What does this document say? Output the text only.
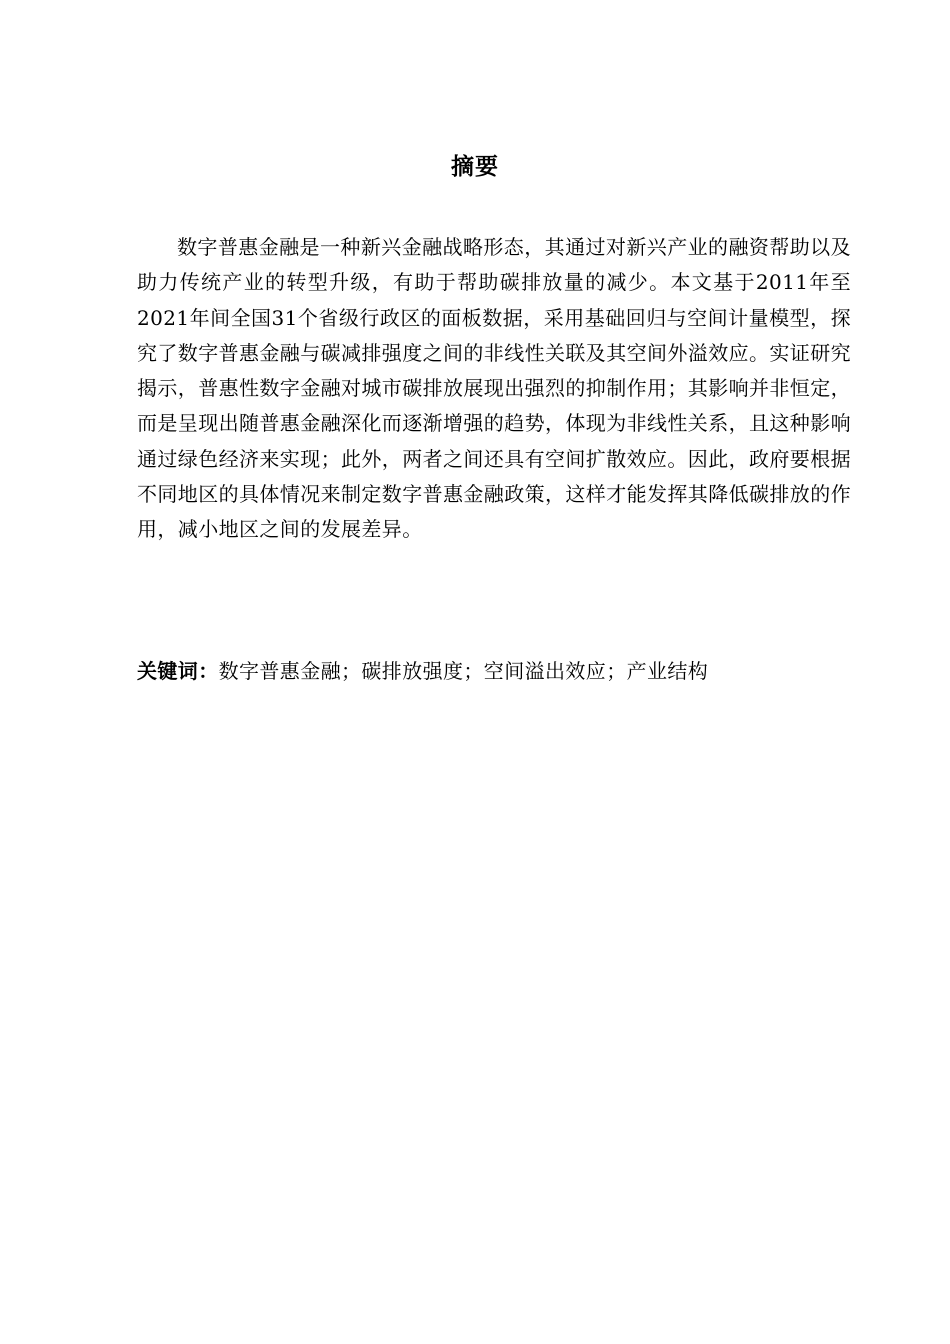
摘要

数字普惠金融是一种新兴金融战略形态，其通过对新兴产业的融资帮助以及助力传统产业的转型升级，有助于帮助碳排放量的减少。本文基于2011年至2021年间全国31个省级行政区的面板数据，采用基础回归与空间计量模型，探究了数字普惠金融与碳减排强度之间的非线性关联及其空间外溢效应。实证研究揭示，普惠性数字金融对城市碳排放展现出强烈的抑制作用；其影响并非恒定，而是呈现出随普惠金融深化而逐渐增强的趋势，体现为非线性关系，且这种影响通过绿色经济来实现；此外，两者之间还具有空间扩散效应。因此，政府要根据不同地区的具体情况来制定数字普惠金融政策，这样才能发挥其降低碳排放的作用，减小地区之间的发展差异。

关键词：数字普惠金融；碳排放强度；空间溢出效应；产业结构
